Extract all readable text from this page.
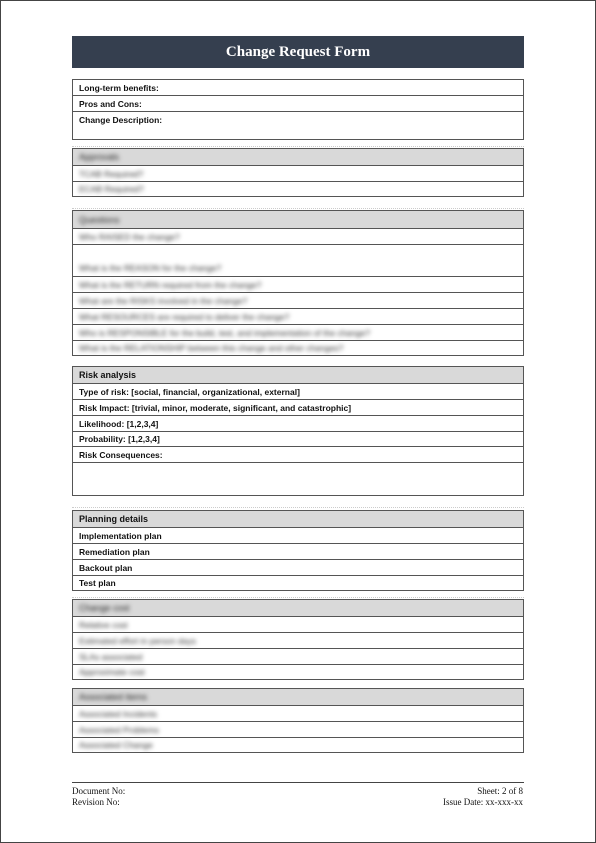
Change Request Form
Long-term benefits:
Pros and Cons:
Change Description:
Approvals
TCAB Required?
ECAB Required?
Questions
Who RAISED the change?
What is the REASON for the change?
What is the RETURN required from the change?
What are the RISKS involved in the change?
What RESOURCES are required to deliver the change?
Who is RESPONSIBLE for the build, test, and implementation of the change?
What is the RELATIONSHIP between this change and other changes?
Risk analysis
Type of risk: [social, financial, organizational, external]
Risk Impact: [trivial, minor, moderate, significant, and catastrophic]
Likelihood: [1,2,3,4]
Probability: [1,2,3,4]
Risk Consequences:
Planning details
Implementation plan
Remediation plan
Backout plan
Test plan
Change cost
Relative cost
Estimated effort in person days
SLAs associated
Approximate cost
Associated items
Associated Incidents
Associated Problems
Associated Change
Document No:
Revision No:
Sheet: 2 of 8
Issue Date: xx-xxx-xx
